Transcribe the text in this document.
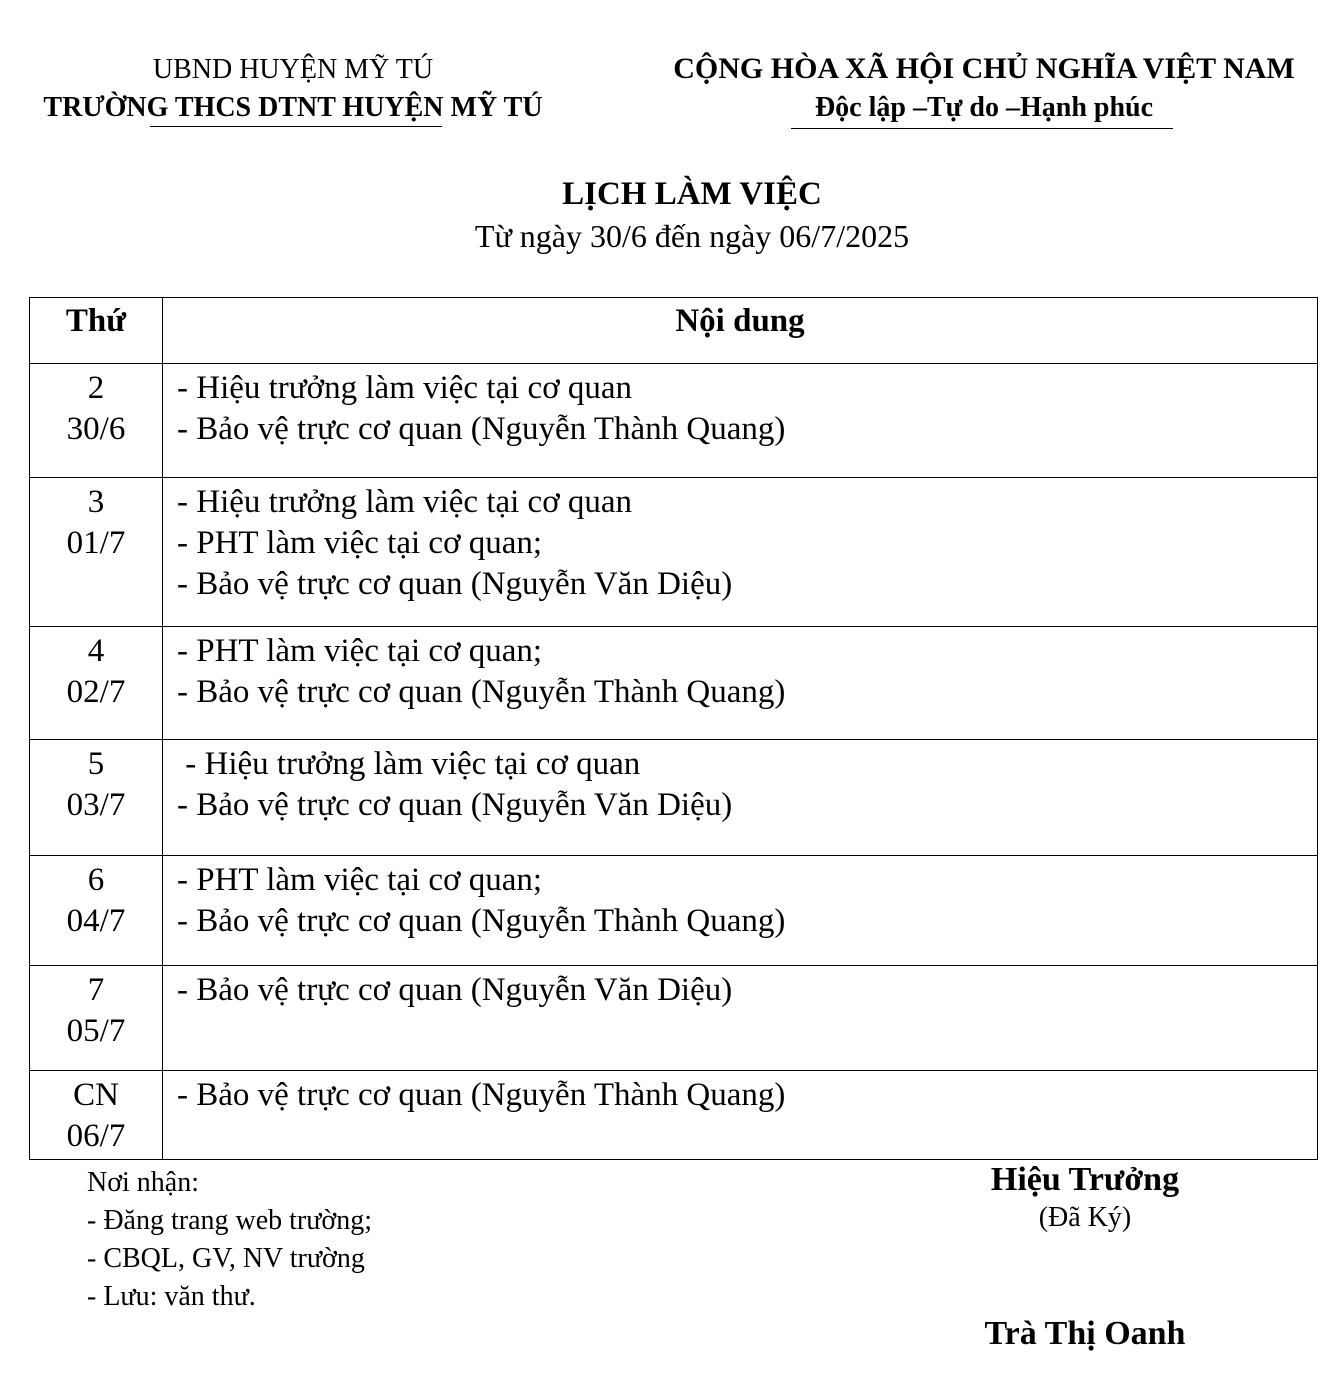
UBND HUYỆN MỸ TÚ
TRƯỜNG THCS DTNT HUYỆN MỸ TÚ
CỘNG HÒA XÃ HỘI CHỦ NGHĨA VIỆT NAM
Độc lập –Tự do –Hạnh phúc
LỊCH LÀM VIỆC
Từ ngày 30/6 đến ngày 06/7/2025
Thứ	Nội dung

2
30/6	- Hiệu trưởng làm việc tại cơ quan
- Bảo vệ trực cơ quan (Nguyễn Thành Quang)

3
01/7	- Hiệu trưởng làm việc tại cơ quan
- PHT làm việc tại cơ quan;
- Bảo vệ trực cơ quan (Nguyễn Văn Diệu)

4
02/7	- PHT làm việc tại cơ quan;
- Bảo vệ trực cơ quan (Nguyễn Thành Quang)

5
03/7	- Hiệu trưởng làm việc tại cơ quan
- Bảo vệ trực cơ quan (Nguyễn Văn Diệu)

6
04/7	- PHT làm việc tại cơ quan;
- Bảo vệ trực cơ quan (Nguyễn Thành Quang)

7
05/7	- Bảo vệ trực cơ quan (Nguyễn Văn Diệu)

CN
06/7	- Bảo vệ trực cơ quan (Nguyễn Thành Quang)
Nơi nhận:
- Đăng trang web trường;
- CBQL, GV, NV trường
- Lưu: văn thư.
Hiệu Trưởng
(Đã Ký)
Trà Thị Oanh
